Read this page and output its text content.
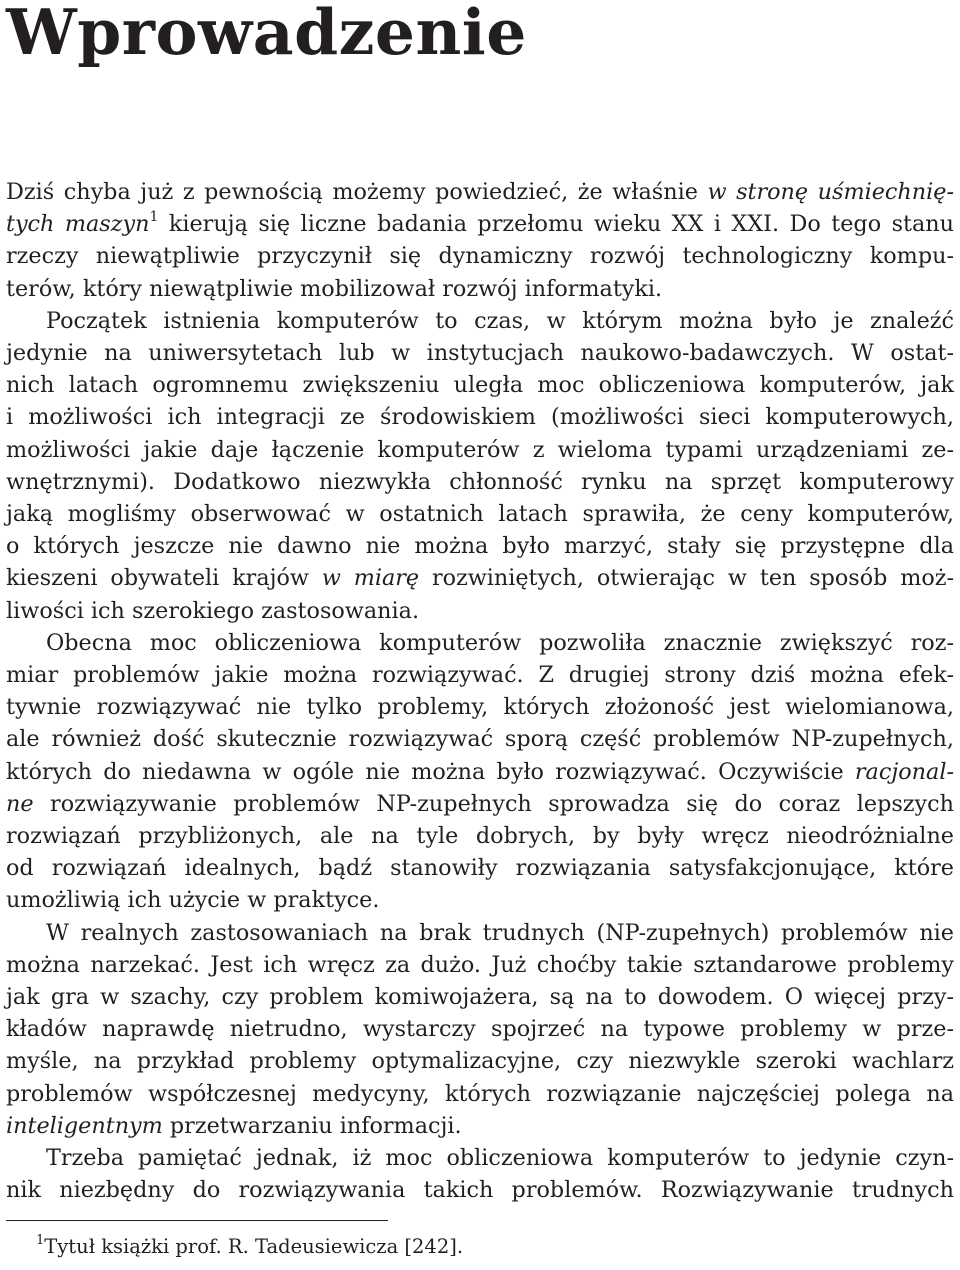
Wprowadzenie
Dziś chyba już z pewnością możemy powiedzieć, że właśnie w stronę uśmiechnię-
tych maszyn$^1$ kierują się liczne badania przełomu wieku XX i XXI. Do tego stanu
rzeczy niewątpliwie przyczynił się dynamiczny rozwój technologiczny kompu-
terów, który niewątpliwie mobilizował rozwój informatyki.
Początek istnienia komputerów to czas, w którym można było je znaleźć
jedynie na uniwersytetach lub w instytucjach naukowo-badawczych. W ostat-
nich latach ogromnemu zwiększeniu uległa moc obliczeniowa komputerów, jak
i możliwości ich integracji ze środowiskiem (możliwości sieci komputerowych,
możliwości jakie daje łączenie komputerów z wieloma typami urządzeniami ze-
wnętrznymi). Dodatkowo niezwykła chłonność rynku na sprzęt komputerowy
jaką mogliśmy obserwować w ostatnich latach sprawiła, że ceny komputerów,
o których jeszcze nie dawno nie można było marzyć, stały się przystępne dla
kieszeni obywateli krajów w miarę rozwiniętych, otwierając w ten sposób moż-
liwości ich szerokiego zastosowania.
Obecna moc obliczeniowa komputerów pozwoliła znacznie zwiększyć roz-
miar problemów jakie można rozwiązywać. Z drugiej strony dziś można efek-
tywnie rozwiązywać nie tylko problemy, których złożoność jest wielomianowa,
ale również dość skutecznie rozwiązywać sporą część problemów NP-zupełnych,
których do niedawna w ogóle nie można było rozwiązywać. Oczywiście racjonal-
ne rozwiązywanie problemów NP-zupełnych sprowadza się do coraz lepszych
rozwiązań przybliżonych, ale na tyle dobrych, by były wręcz nieodróżnialne
od rozwiązań idealnych, bądź stanowiły rozwiązania satysfakcjonujące, które
umożliwią ich użycie w praktyce.
W realnych zastosowaniach na brak trudnych (NP-zupełnych) problemów nie
można narzekać. Jest ich wręcz za dużo. Już choćby takie sztandarowe problemy
jak gra w szachy, czy problem komiwojażera, są na to dowodem. O więcej przy-
kładów naprawdę nietrudno, wystarczy spojrzeć na typowe problemy w prze-
myśle, na przykład problemy optymalizacyjne, czy niezwykle szeroki wachlarz
problemów współczesnej medycyny, których rozwiązanie najczęściej polega na
inteligentnym przetwarzaniu informacji.
Trzeba pamiętać jednak, iż moc obliczeniowa komputerów to jedynie czyn-
nik niezbędny do rozwiązywania takich problemów. Rozwiązywanie trudnych
$^1$Tytuł książki prof. R. Tadeusiewicza [242].
